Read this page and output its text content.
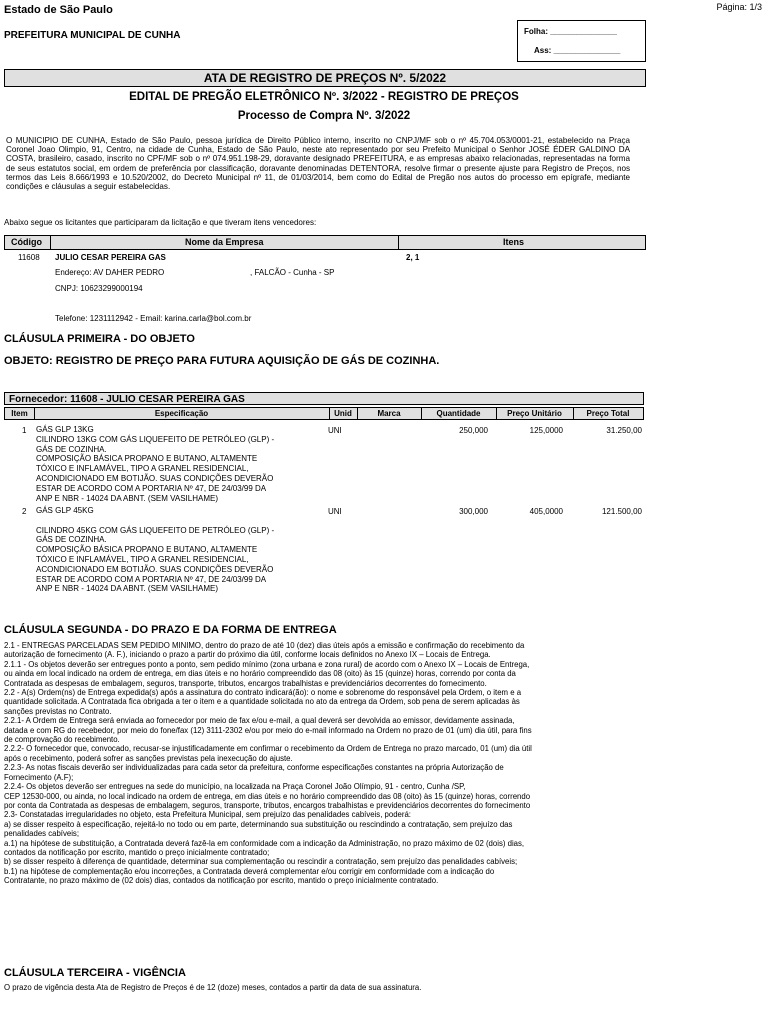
Estado de São Paulo
PREFEITURA MUNICIPAL DE CUNHA
Página: 1/3
Folha: _______________
Ass: _______________
ATA DE REGISTRO DE PREÇOS Nº. 5/2022
EDITAL DE PREGÃO ELETRÔNICO Nº. 3/2022 - REGISTRO DE PREÇOS
Processo de Compra Nº. 3/2022
O MUNICIPIO DE CUNHA, Estado de São Paulo, pessoa jurídica de Direito Público interno, inscrito no CNPJ/MF sob o nº 45.704.053/0001-21, estabelecido na Praça Coronel Joao Olimpio, 91, Centro, na cidade de Cunha, Estado de São Paulo, neste ato representado por seu Prefeito Municipal o Senhor JOSÉ ÉDER GALDINO DA COSTA, brasileiro, casado, inscrito no CPF/MF sob o nº 074.951.198-29, doravante designado PREFEITURA, e as empresas abaixo relacionadas, representadas na forma de seus estatutos social, em ordem de preferência por classificação, doravante denominadas DETENTORA, resolve firmar o presente ajuste para Registro de Preços, nos termos das Leis 8.666/1993 e 10.520/2002, do Decreto Municipal nº 11, de 01/03/2014, bem como do Edital de Pregão nos autos do processo em epígrafe, mediante condições e cláusulas a seguir estabelecidas.
Abaixo segue os licitantes que participaram da licitação e que tiveram itens vencedores:
Código	Nome da Empresa	Itens
11608 JULIO CESAR PEREIRA GAS	2, 1
Endereço: AV DAHER PEDRO	, FALCÃO - Cunha - SP
CNPJ: 10623299000194
Telefone: 1231112942 - Email: karina.carla@bol.com.br
CLÁUSULA PRIMEIRA - DO OBJETO
OBJETO: REGISTRO DE PREÇO PARA FUTURA AQUISIÇÃO DE GÁS DE COZINHA.
Fornecedor: 11608 - JULIO CESAR PEREIRA GAS
Item	Especificação	Unid	Marca	Quantidade	Preço Unitário	Preço Total
1 GÁS GLP 13KG
CILINDRO 13KG COM GÁS LIQUEFEITO DE PETRÓLEO (GLP) -
GÁS DE COZINHA.
COMPOSIÇÃO BÁSICA PROPANO E BUTANO, ALTAMENTE
TÓXICO E INFLAMÁVEL, TIPO A GRANEL RESIDENCIAL,
ACONDICIONADO EM BOTIJÃO. SUAS CONDIÇÕES DEVERÃO
ESTAR DE ACORDO COM A PORTARIA Nº 47, DE 24/03/99 DA
ANP E NBR - 14024 DA ABNT. (SEM VASILHAME)
UNI	250,000	125,0000	31.250,00
2 GÁS GLP 45KG
CILINDRO 45KG COM GÁS LIQUEFEITO DE PETRÓLEO (GLP) -
GÁS DE COZINHA.
COMPOSIÇÃO BÁSICA PROPANO E BUTANO, ALTAMENTE
TÓXICO E INFLAMÁVEL, TIPO A GRANEL RESIDENCIAL,
ACONDICIONADO EM BOTIJÃO. SUAS CONDIÇÕES DEVERÃO
ESTAR DE ACORDO COM A PORTARIA Nº 47, DE 24/03/99 DA
ANP E NBR - 14024 DA ABNT. (SEM VASILHAME)
UNI	300,000	405,0000	121.500,00
CLÁUSULA SEGUNDA - DO PRAZO E DA FORMA DE ENTREGA
2.1 - ENTREGAS PARCELADAS SEM PEDIDO MINIMO, dentro do prazo de até 10 (dez) dias úteis após a emissão e confirmação do recebimento da
autorização de fornecimento (A. F.), iniciando o prazo a partir do próximo dia útil, conforme locais definidos no Anexo IX – Locais de Entrega.
2.1.1 - Os objetos deverão ser entregues ponto a ponto, sem pedido mínimo (zona urbana e zona rural) de acordo com o Anexo IX – Locais de Entrega,
ou ainda em local indicado na ordem de entrega, em dias úteis e no horário compreendido das 08 (oito) às 15 (quinze) horas, correndo por conta da
Contratada as despesas de embalagem, seguros, transporte, tributos, encargos trabalhistas e previdenciários decorrentes do fornecimento.
2.2 - A(s) Ordem(ns) de Entrega expedida(s) após a assinatura do contrato indicará(ão): o nome e sobrenome do responsável pela Ordem, o item e a
quantidade solicitada. A Contratada fica obrigada a ter o item e a quantidade solicitada no ato da entrega da Ordem, sob pena de serem aplicadas às
sanções previstas no Contrato.
2.2.1- A Ordem de Entrega será enviada ao fornecedor por meio de fax e/ou e-mail, a qual deverá ser devolvida ao emissor, devidamente assinada,
datada e com RG do recebedor, por meio do fone/fax (12) 3111-2302 e/ou por meio do e-mail informado na Ordem no prazo de 01 (um) dia útil, para fins
de comprovação do recebimento.
2.2.2- O fornecedor que, convocado, recusar-se injustificadamente em confirmar o recebimento da Ordem de Entrega no prazo marcado, 01 (um) dia útil
após o recebimento, poderá sofrer as sanções previstas pela inexecução do ajuste.
2.2.3- As notas fiscais deverão ser individualizadas para cada setor da prefeitura, conforme especificações constantes na própria Autorização de
Fornecimento (A.F);
2.2.4- Os objetos deverão ser entregues na sede do município, na localizada na Praça Coronel João Olímpio, 91 - centro, Cunha /SP,
CEP 12530-000, ou ainda, no local indicado na ordem de entrega, em dias úteis e no horário compreendido das 08 (oito) às 15 (quinze) horas, correndo
por conta da Contratada as despesas de embalagem, seguros, transporte, tributos, encargos trabalhistas e previdenciários decorrentes do fornecimento
2.3- Constatadas irregularidades no objeto, esta Prefeitura Municipal, sem prejuízo das penalidades cabíveis, poderá:
a) se disser respeito à especificação, rejeitá-lo no todo ou em parte, determinando sua substituição ou rescindindo a contratação, sem prejuízo das
penalidades cabíveis;
a.1) na hipótese de substituição, a Contratada deverá fazê-la em conformidade com a indicação da Administração, no prazo máximo de 02 (dois) dias,
contados da notificação por escrito, mantido o preço inicialmente contratado;
b) se disser respeito à diferença de quantidade, determinar sua complementação ou rescindir a contratação, sem prejuízo das penalidades cabíveis;
b.1) na hipótese de complementação e/ou incorreções, a Contratada deverá complementar e/ou corrigir em conformidade com a indicação do
Contratante, no prazo máximo de (02 dois) dias, contados da notificação por escrito, mantido o preço inicialmente contratado.
CLÁUSULA TERCEIRA - VIGÊNCIA
O prazo de vigência desta Ata de Registro de Preços é de 12 (doze) meses, contados a partir da data de sua assinatura.
